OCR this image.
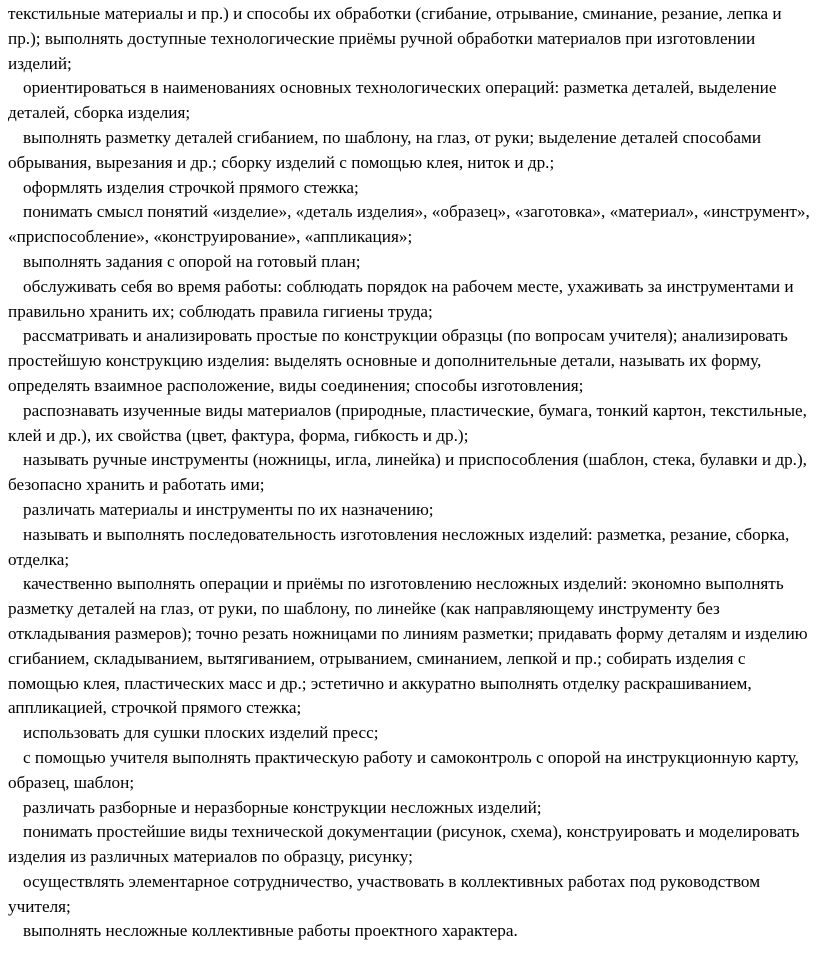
текстильные материалы и пр.) и способы их обработки (сгибание, отрывание, сминание, резание, лепка и пр.); выполнять доступные технологические приёмы ручной обработки материалов при изготовлении изделий;

ориентироваться в наименованиях основных технологических операций: разметка деталей, выделение деталей, сборка изделия;

выполнять разметку деталей сгибанием, по шаблону, на глаз, от руки; выделение деталей способами обрывания, вырезания и др.; сборку изделий с помощью клея, ниток и др.;

оформлять изделия строчкой прямого стежка;

понимать смысл понятий «изделие», «деталь изделия», «образец», «заготовка», «материал», «инструмент», «приспособление», «конструирование», «аппликация»;

выполнять задания с опорой на готовый план;

обслуживать себя во время работы: соблюдать порядок на рабочем месте, ухаживать за инструментами и правильно хранить их; соблюдать правила гигиены труда;

рассматривать и анализировать простые по конструкции образцы (по вопросам учителя); анализировать простейшую конструкцию изделия: выделять основные и дополнительные детали, называть их форму, определять взаимное расположение, виды соединения; способы изготовления;

распознавать изученные виды материалов (природные, пластические, бумага, тонкий картон, текстильные, клей и др.), их свойства (цвет, фактура, форма, гибкость и др.);

называть ручные инструменты (ножницы, игла, линейка) и приспособления (шаблон, стека, булавки и др.), безопасно хранить и работать ими;

различать материалы и инструменты по их назначению;

называть и выполнять последовательность изготовления несложных изделий: разметка, резание, сборка, отделка;

качественно выполнять операции и приёмы по изготовлению несложных изделий: экономно выполнять разметку деталей на глаз, от руки, по шаблону, по линейке (как направляющему инструменту без откладывания размеров); точно резать ножницами по линиям разметки; придавать форму деталям и изделию сгибанием, складыванием, вытягиванием, отрыванием, сминанием, лепкой и пр.; собирать изделия с помощью клея, пластических масс и др.; эстетично и аккуратно выполнять отделку раскрашиванием, аппликацией, строчкой прямого стежка;

использовать для сушки плоских изделий пресс;

с помощью учителя выполнять практическую работу и самоконтроль с опорой на инструкционную карту, образец, шаблон;

различать разборные и неразборные конструкции несложных изделий;

понимать простейшие виды технической документации (рисунок, схема), конструировать и моделировать изделия из различных материалов по образцу, рисунку;

осуществлять элементарное сотрудничество, участвовать в коллективных работах под руководством учителя;

выполнять несложные коллективные работы проектного характера.
